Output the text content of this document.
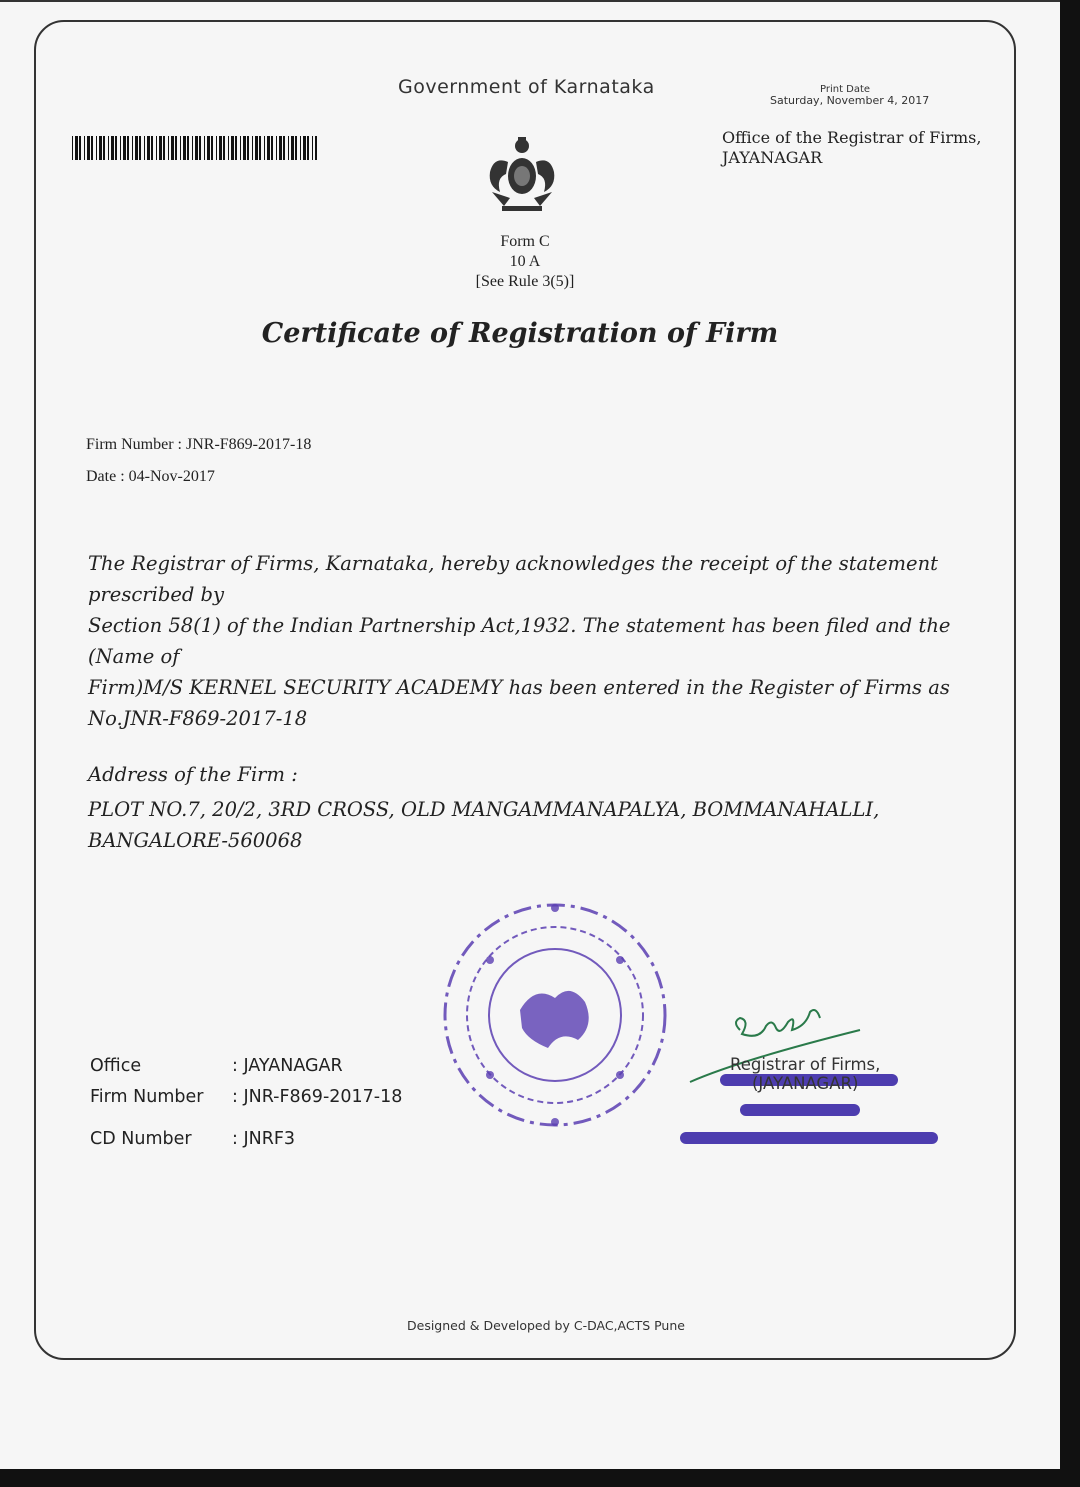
Government of Karnataka	Print Date
Saturday, November 4, 2017
Office of the Registrar of Firms,
JAYANAGAR
Form C
10 A
[See Rule 3(5)]
Certificate of Registration of Firm
Firm Number : JNR-F869-2017-18
Date : 04-Nov-2017
The Registrar of Firms, Karnataka, hereby acknowledges the receipt of the statement prescribed by
Section 58(1) of the Indian Partnership Act,1932. The statement has been filed and the (Name of
Firm)M/S KERNEL SECURITY ACADEMY has been entered in the Register of Firms as
No.JNR-F869-2017-18
Address of the Firm :
PLOT NO.7, 20/2, 3RD CROSS, OLD MANGAMMANAPALYA, BOMMANAHALLI,
BANGALORE-560068
Office	: JAYANAGAR
Firm Number : JNR-F869-2017-18
CD Number : JNRF3
Registrar of Firms,
(JAYANAGAR)
Designed & Developed by C-DAC,ACTS Pune
